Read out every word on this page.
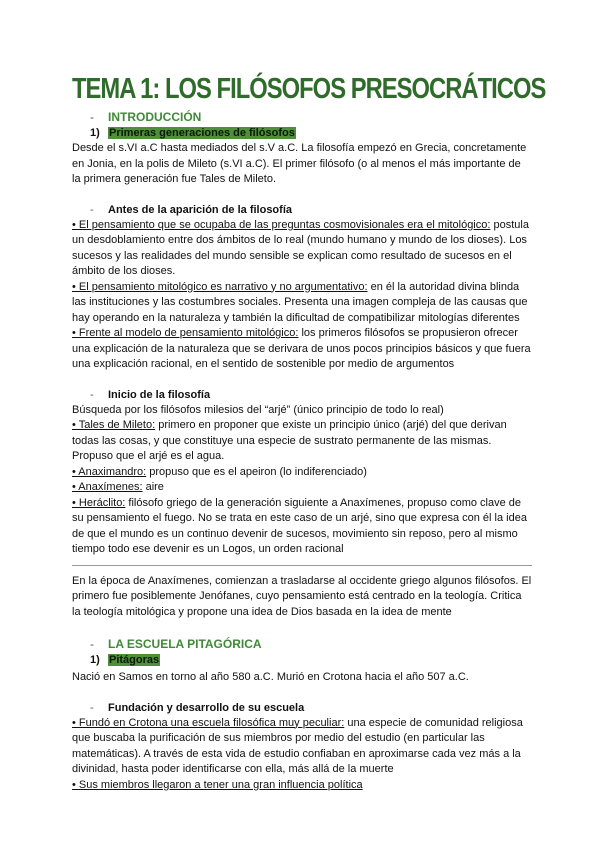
TEMA 1: LOS FILÓSOFOS PRESOCRÁTICOS
-	INTRODUCCIÓN
1) Primeras generaciones de filósofos

Desde el s.VI a.C hasta mediados del s.V a.C. La filosofía empezó en Grecia, concretamente en Jonia, en la polis de Mileto (s.VI a.C). El primer filósofo (o al menos el más importante de la primera generación fue Tales de Mileto.

-	Antes de la aparición de la filosofía

• El pensamiento que se ocupaba de las preguntas cosmovisionales era el mitológico: postula un desdoblamiento entre dos ámbitos de lo real (mundo humano y mundo de los dioses). Los sucesos y las realidades del mundo sensible se explican como resultado de sucesos en el ámbito de los dioses.

• El pensamiento mitológico es narrativo y no argumentativo: en él la autoridad divina blinda las instituciones y las costumbres sociales. Presenta una imagen compleja de las causas que hay operando en la naturaleza y también la dificultad de compatibilizar mitologías diferentes

• Frente al modelo de pensamiento mitológico: los primeros filósofos se propusieron ofrecer una explicación de la naturaleza que se derivara de unos pocos principios básicos y que fuera una explicación racional, en el sentido de sostenible por medio de argumentos

-	Inicio de la filosofía

Búsqueda por los filósofos milesios del “arjé” (único principio de todo lo real)

• Tales de Mileto: primero en proponer que existe un principio único (arjé) del que derivan todas las cosas, y que constituye una especie de sustrato permanente de las mismas. Propuso que el arjé es el agua.

• Anaximandro: propuso que es el apeiron (lo indiferenciado)

• Anaxímenes: aire

• Heráclito: filósofo griego de la generación siguiente a Anaxímenes, propuso como clave de su pensamiento el fuego. No se trata en este caso de un arjé, sino que expresa con él la idea de que el mundo es un continuo devenir de sucesos, movimiento sin reposo, pero al mismo tiempo todo ese devenir es un Logos, un orden racional

En la época de Anaxímenes, comienzan a trasladarse al occidente griego algunos filósofos. El primero fue posiblemente Jenófanes, cuyo pensamiento está centrado en la teología. Critica la teología mitológica y propone una idea de Dios basada en la idea de mente

-	LA ESCUELA PITAGÓRICA
1) Pitágoras

Nació en Samos en torno al año 580 a.C. Murió en Crotona hacia el año 507 a.C.

-	Fundación y desarrollo de su escuela

• Fundó en Crotona una escuela filosófica muy peculiar: una especie de comunidad religiosa que buscaba la purificación de sus miembros por medio del estudio (en particular las matemáticas). A través de esta vida de estudio confiaban en aproximarse cada vez más a la divinidad, hasta poder identificarse con ella, más allá de la muerte

• Sus miembros llegaron a tener una gran influencia política
